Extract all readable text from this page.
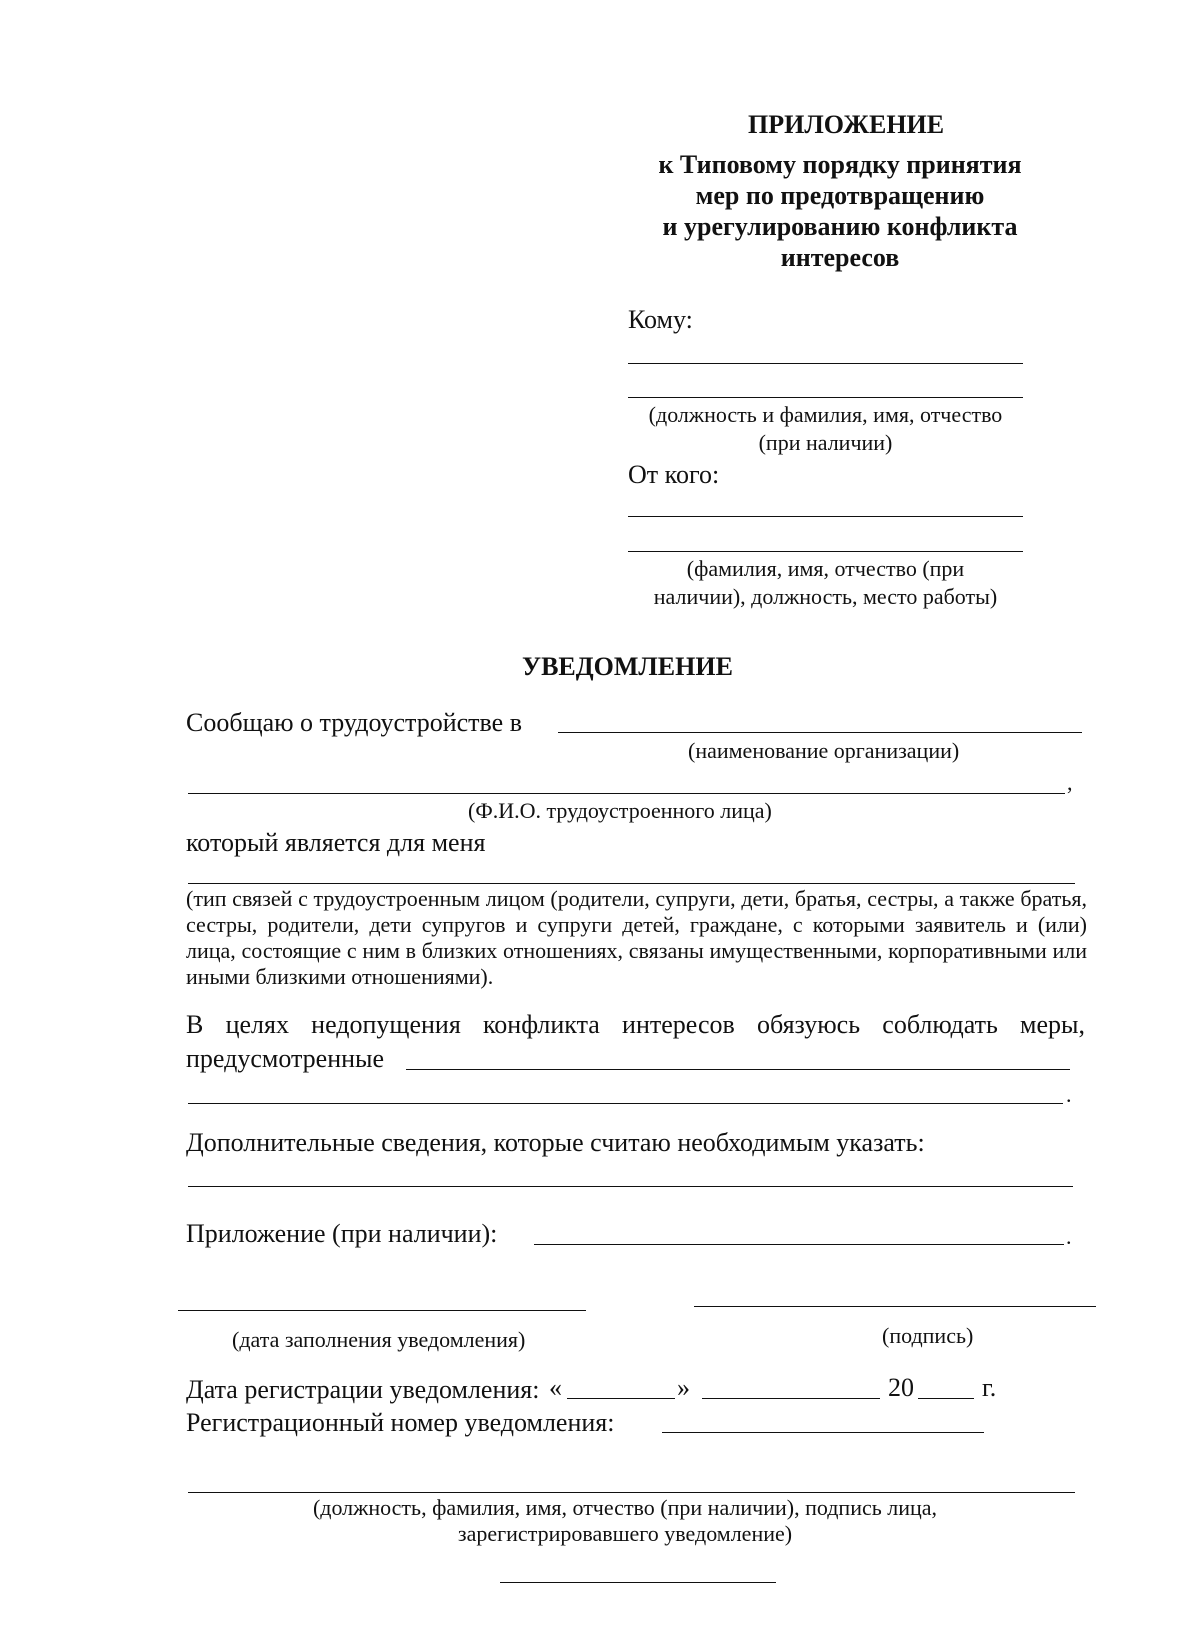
ПРИЛОЖЕНИЕ
к Типовому порядку принятия
мер по предотвращению
и урегулированию конфликта
интересов
Кому:
(должность и фамилия, имя, отчество
(при наличии)
От кого:
(фамилия, имя, отчество (при
наличии), должность, место работы)
УВЕДОМЛЕНИЕ
Сообщаю о трудоустройстве в
(наименование организации)
,
(Ф.И.О. трудоустроенного лица)
который является для меня
(тип связей с трудоустроенным лицом (родители, супруги, дети, братья, сестры, а также братья, сестры, родители, дети супругов и супруги детей, граждане, с которыми заявитель и (или) лица, состоящие с ним в близких отношениях, связаны имущественными, корпоративными или иными близкими отношениями).
В целях недопущения конфликта интересов обязуюсь соблюдать меры,
предусмотренные
.
Дополнительные сведения, которые считаю необходимым указать:
Приложение (при наличии):	.
(дата заполнения уведомления)	(подпись)
Дата регистрации уведомления: «	»	20	г.
Регистрационный номер уведомления:
(должность, фамилия, имя, отчество (при наличии), подпись лица,
зарегистрировавшего уведомление)
